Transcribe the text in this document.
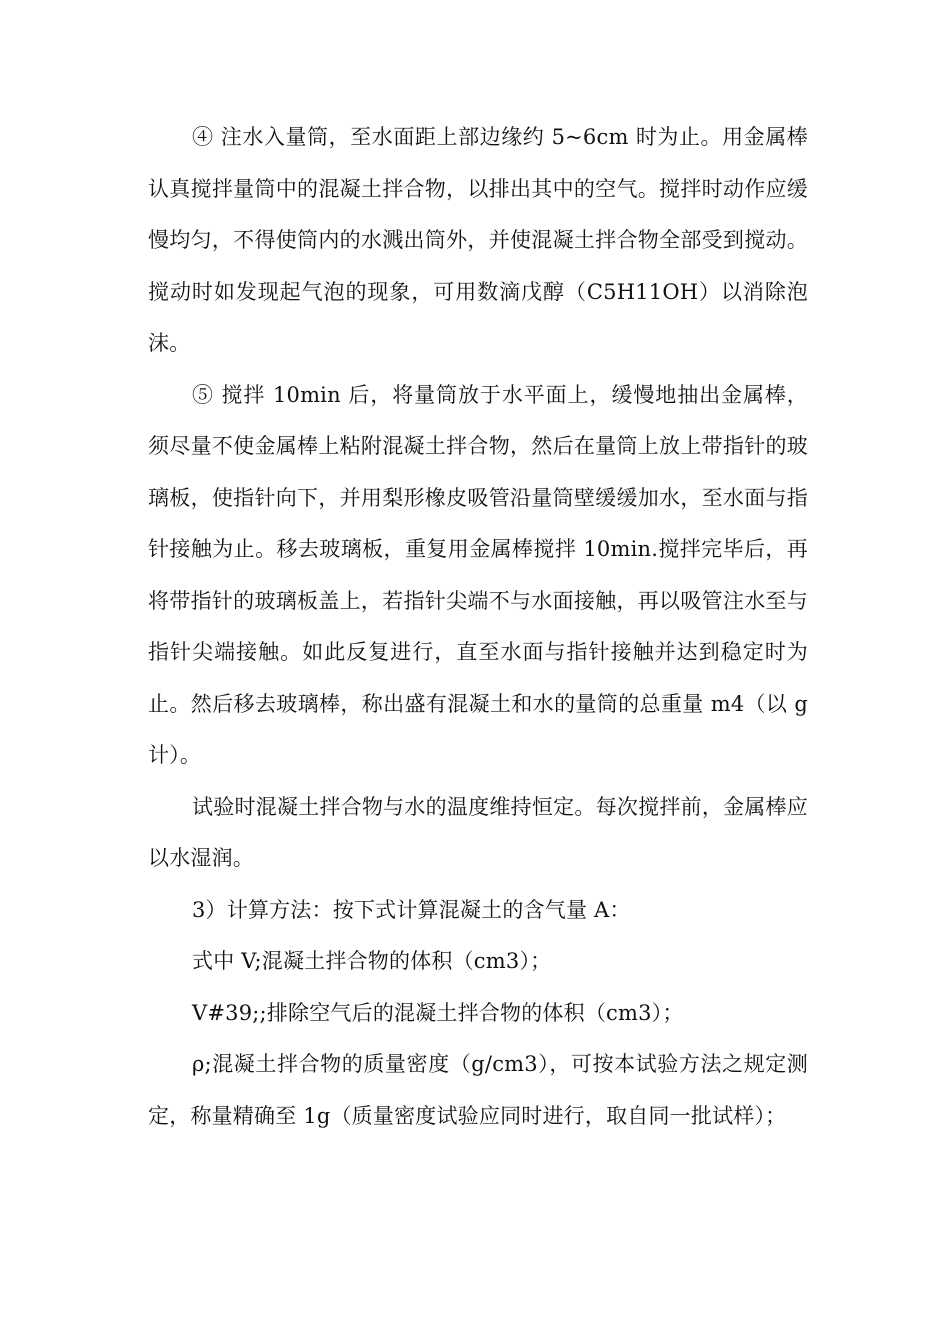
④ 注水入量筒，至水面距上部边缘约 5~6cm 时为止。用金属棒认真搅拌量筒中的混凝土拌合物，以排出其中的空气。搅拌时动作应缓慢均匀，不得使筒内的水溅出筒外，并使混凝土拌合物全部受到搅动。搅动时如发现起气泡的现象，可用数滴戊醇（C5H11OH）以消除泡沫。

⑤ 搅拌 10min 后，将量筒放于水平面上，缓慢地抽出金属棒，须尽量不使金属棒上粘附混凝土拌合物，然后在量筒上放上带指针的玻璃板，使指针向下，并用梨形橡皮吸管沿量筒壁缓缓加水，至水面与指针接触为止。移去玻璃板，重复用金属棒搅拌 10min.搅拌完毕后，再将带指针的玻璃板盖上，若指针尖端不与水面接触，再以吸管注水至与指针尖端接触。如此反复进行，直至水面与指针接触并达到稳定时为止。然后移去玻璃棒，称出盛有混凝土和水的量筒的总重量 m4（以 g 计）。

试验时混凝土拌合物与水的温度维持恒定。每次搅拌前，金属棒应以水湿润。

3）计算方法：按下式计算混凝土的含气量 A：

式中 V;混凝土拌合物的体积（cm3）；

V#39;;排除空气后的混凝土拌合物的体积（cm3）；

ρ;混凝土拌合物的质量密度（g/cm3），可按本试验方法之规定测定，称量精确至 1g（质量密度试验应同时进行，取自同一批试样）；
